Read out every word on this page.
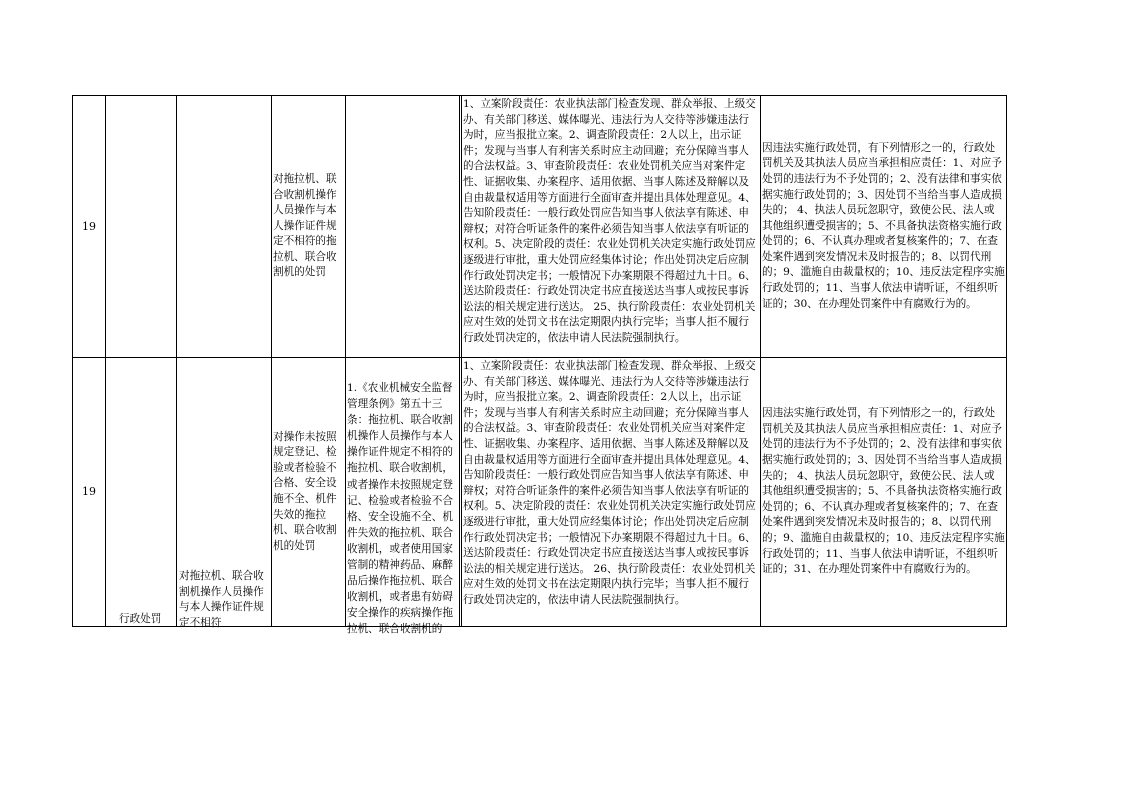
19
对拖拉机、联合收割机操作人员操作与本人操作证件规定不相符的拖拉机、联合收割机的处罚
1、立案阶段责任：农业执法部门检查发现、群众举报、上级交办、有关部门移送、媒体曝光、违法行为人交待等涉嫌违法行为时，应当报批立案。2、调查阶段责任：2人以上，出示证件；发现与当事人有利害关系时应主动回避；充分保障当事人的合法权益。3、审查阶段责任：农业处罚机关应当对案件定性、证据收集、办案程序、适用依据、当事人陈述及辩解以及自由裁量权适用等方面进行全面审查并提出具体处理意见。4、告知阶段责任：一般行政处罚应告知当事人依法享有陈述、申辩权；对符合听证条件的案件必须告知当事人依法享有听证的权利。5、决定阶段的责任：农业处罚机关决定实施行政处罚应逐级进行审批，重大处罚应经集体讨论；作出处罚决定后应制作行政处罚决定书；一般情况下办案期限不得超过九十日。6、送达阶段责任：行政处罚决定书应直接送达当事人或按民事诉讼法的相关规定进行送达。 25、执行阶段责任：农业处罚机关应对生效的处罚文书在法定期限内执行完毕；当事人拒不履行行政处罚决定的，依法申请人民法院强制执行。
因违法实施行政处罚，有下列情形之一的，行政处罚机关及其执法人员应当承担相应责任：1、对应予处罚的违法行为不予处罚的；2、没有法律和事实依据实施行政处罚的；3、因处罚不当给当事人造成损失的； 4、执法人员玩忽职守，致使公民、法人或其他组织遭受损害的；5、不具备执法资格实施行政处罚的；6、不认真办理或者复核案件的；7、在查处案件遇到突发情况未及时报告的；8、以罚代刑的；9、滥施自由裁量权的；10、违反法定程序实施行政处罚的；11、当事人依法申请听证，不组织听证的；30、在办理处罚案件中有腐败行为的。
19
行政处罚
对拖拉机、联合收割机操作人员操作与本人操作证件规定不相符
对操作未按照规定登记、检验或者检验不合格、安全设施不全、机件失效的拖拉机、联合收割机的处罚
1.《农业机械安全监督管理条例》第五十三条：拖拉机、联合收割机操作人员操作与本人操作证件规定不相符的拖拉机、联合收割机，或者操作未按照规定登记、检验或者检验不合格、安全设施不全、机件失效的拖拉机、联合收割机，或者使用国家管制的精神药品、麻醉品后操作拖拉机、联合收割机，或者患有妨碍安全操作的疾病操作拖拉机、联合收割机的
1、立案阶段责任：农业执法部门检查发现、群众举报、上级交办、有关部门移送、媒体曝光、违法行为人交待等涉嫌违法行为时，应当报批立案。2、调查阶段责任：2人以上，出示证件；发现与当事人有利害关系时应主动回避；充分保障当事人的合法权益。3、审查阶段责任：农业处罚机关应当对案件定性、证据收集、办案程序、适用依据、当事人陈述及辩解以及自由裁量权适用等方面进行全面审查并提出具体处理意见。4、告知阶段责任：一般行政处罚应告知当事人依法享有陈述、申辩权；对符合听证条件的案件必须告知当事人依法享有听证的权利。5、决定阶段的责任：农业处罚机关决定实施行政处罚应逐级进行审批，重大处罚应经集体讨论；作出处罚决定后应制作行政处罚决定书；一般情况下办案期限不得超过九十日。6、送达阶段责任：行政处罚决定书应直接送达当事人或按民事诉讼法的相关规定进行送达。 26、执行阶段责任：农业处罚机关应对生效的处罚文书在法定期限内执行完毕；当事人拒不履行行政处罚决定的，依法申请人民法院强制执行。
因违法实施行政处罚，有下列情形之一的，行政处罚机关及其执法人员应当承担相应责任：1、对应予处罚的违法行为不予处罚的；2、没有法律和事实依据实施行政处罚的；3、因处罚不当给当事人造成损失的； 4、执法人员玩忽职守，致使公民、法人或其他组织遭受损害的；5、不具备执法资格实施行政处罚的；6、不认真办理或者复核案件的；7、在查处案件遇到突发情况未及时报告的；8、以罚代刑的；9、滥施自由裁量权的；10、违反法定程序实施行政处罚的；11、当事人依法申请听证，不组织听证的；31、在办理处罚案件中有腐败行为的。
